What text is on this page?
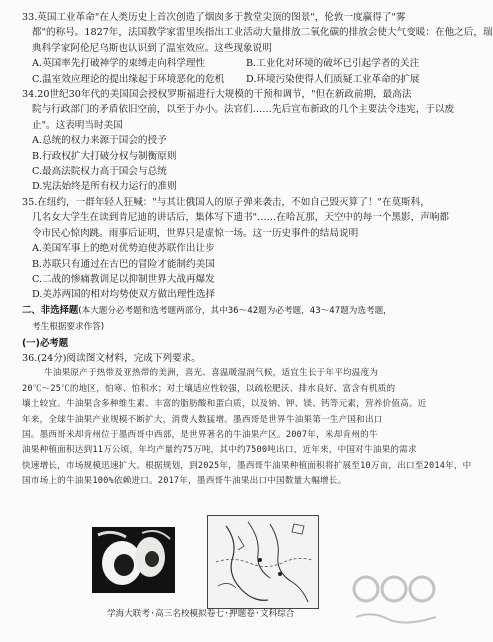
33.英国工业革命"在人类历史上首次创造了烟囱多于教堂尖顶的图景"，伦敦一度赢得了"雾
都"的称号。1827年，法国教学家雷里埃指出工业活动大量排放二氧化碳的排放会使大气变暖：在他之后，瑞
典科学家阿伦尼乌斯也认识到了温室效应。这些现象说明
A.英国率先打破神学的束缚走向科学理性	B.工业化对环境的破坏已引起学者的关注
C.温室效应理论的提出缘起于环境恶化的危机 D.环境污染使得人们质疑工业革命的扩展
34.20世纪30年代的美国国会授权罗斯福进行大规模的干预和调节，"但在新政前期，最高法
院与行政部门的矛盾依旧空前，以至于办小。法官们……先后宣布新政的几个主要法令违宪，于以废
止"。这表明当时美国
A.总统的权力来源于国会的授予
B.行政权扩大打破分权与制衡原则
C.最高法院权力高于国会与总统
D.宪法始终是所有权力运行的准则
35.在纽约，一群年轻人狂喊："与其让俄国人的原子弹来袭击，不如自己毁灭算了！"在莫斯科，
几名女大学生在读到肯尼迪的讲话后，集体写下遗书"……在哈瓦那，天空中的每一个黑影，声响都
令市民心惊肉跳。雨事后证明，世界只是虚惊一场。这一历史事件的结局说明
A.美国军事上的绝对优势迫使苏联作出让步
B.苏联只有通过在古巴的冒险才能制约美国
C.二战的惨痛教训足以抑制世界大战再爆发
D.美苏两国的相对均势使双方做出理性选择
二、非选择题(本大题分必考题和选考题两部分，其中36～42题为必考题，43～47题为选考题，
考生根据要求作答)
(一)必考题
36.(24分)阅读图文材料，完成下列要求。
牛油果原产于热带及亚热带的美洲，喜光、喜温暖湿润气候，适宜生长于年平均温度为
20℃～25℃的地区，怕寒、怕积水；对土壤适应性较强，以疏松肥沃、排水良好、富含有机质的
壤土较宜。牛油果含多种维生素、丰富的脂肪酸和蛋白质，以及钠、钾、镁、钙等元素，营养价值高。近
年来，全球牛油果产业规模不断扩大，消费人数猛增。墨西哥是世界牛油果第一生产国和出口
国。墨西哥米却肯州位于墨西哥中西部，是世界著名的牛油果产区。2007年，米却肯州的牛
油果种植面积达到11万公顷，年均产量约75万吨，其中约7500吨出口，近年来，中国对牛油果的需求
快速增长，市场规模迅速扩大。根据规划，到2025年，墨西哥牛油果种植面积将扩展至10万亩，出口至2014年，中
国市场上的牛油果100%依赖进口。2017年，墨西哥牛油果出口中国数量大幅增长。
学海大联考·高三名校模拟卷七·押题卷·文科综合
